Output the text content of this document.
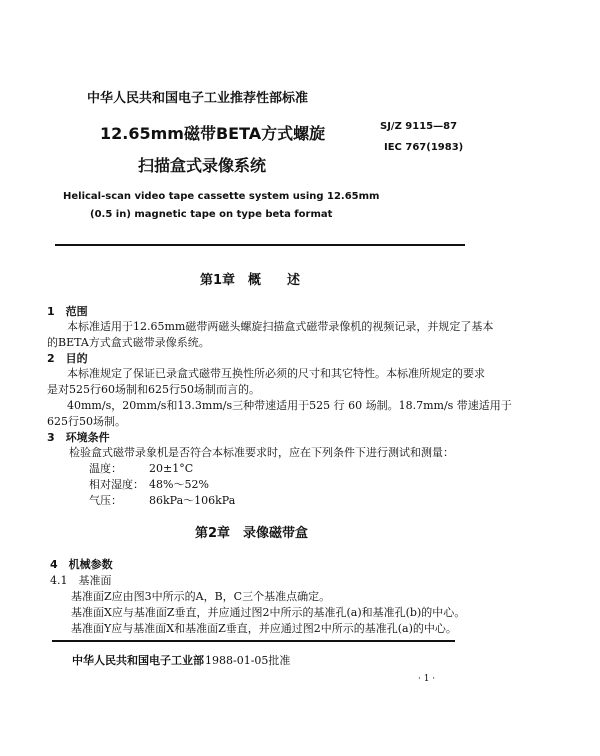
中华人民共和国电子工业推荐性部标准
12.65mm磁带BETA方式螺旋
扫描盒式录像系统
SJ/Z 9115—87
IEC 767(1983)
Helical-scan video tape cassette system using 12.65mm
(0.5 in) magnetic tape on type beta format
第1章　概　　述
1　范围
本标准适用于12.65mm磁带两磁头螺旋扫描盒式磁带录像机的视频记录，并规定了基本
的BETA方式盒式磁带录像系统。
2　目的
本标准规定了保证已录盒式磁带互换性所必须的尺寸和其它特性。本标准所规定的要求
是对525行60场制和625行50场制而言的。
40mm/s，20mm/s和13.3mm/s三种带速适用于525 行 60 场制。18.7mm/s 带速适用于
625行50场制。
3　环境条件
检验盒式磁带录象机是否符合本标准要求时，应在下列条件下进行测试和测量：
温度： 20±1°C
相对湿度： 48%～52%
气压： 86kPa～106kPa
第2章　录像磁带盒
4　机械参数
4.1　基准面
基准面Z应由图3中所示的A，B，C三个基准点确定。
基准面X应与基准面Z垂直，并应通过图2中所示的基准孔(a)和基准孔(b)的中心。
基准面Y应与基准面X和基准面Z垂直，并应通过图2中所示的基准孔(a)的中心。
中华人民共和国电子工业部 1988-01-05批准
· 1 ·
